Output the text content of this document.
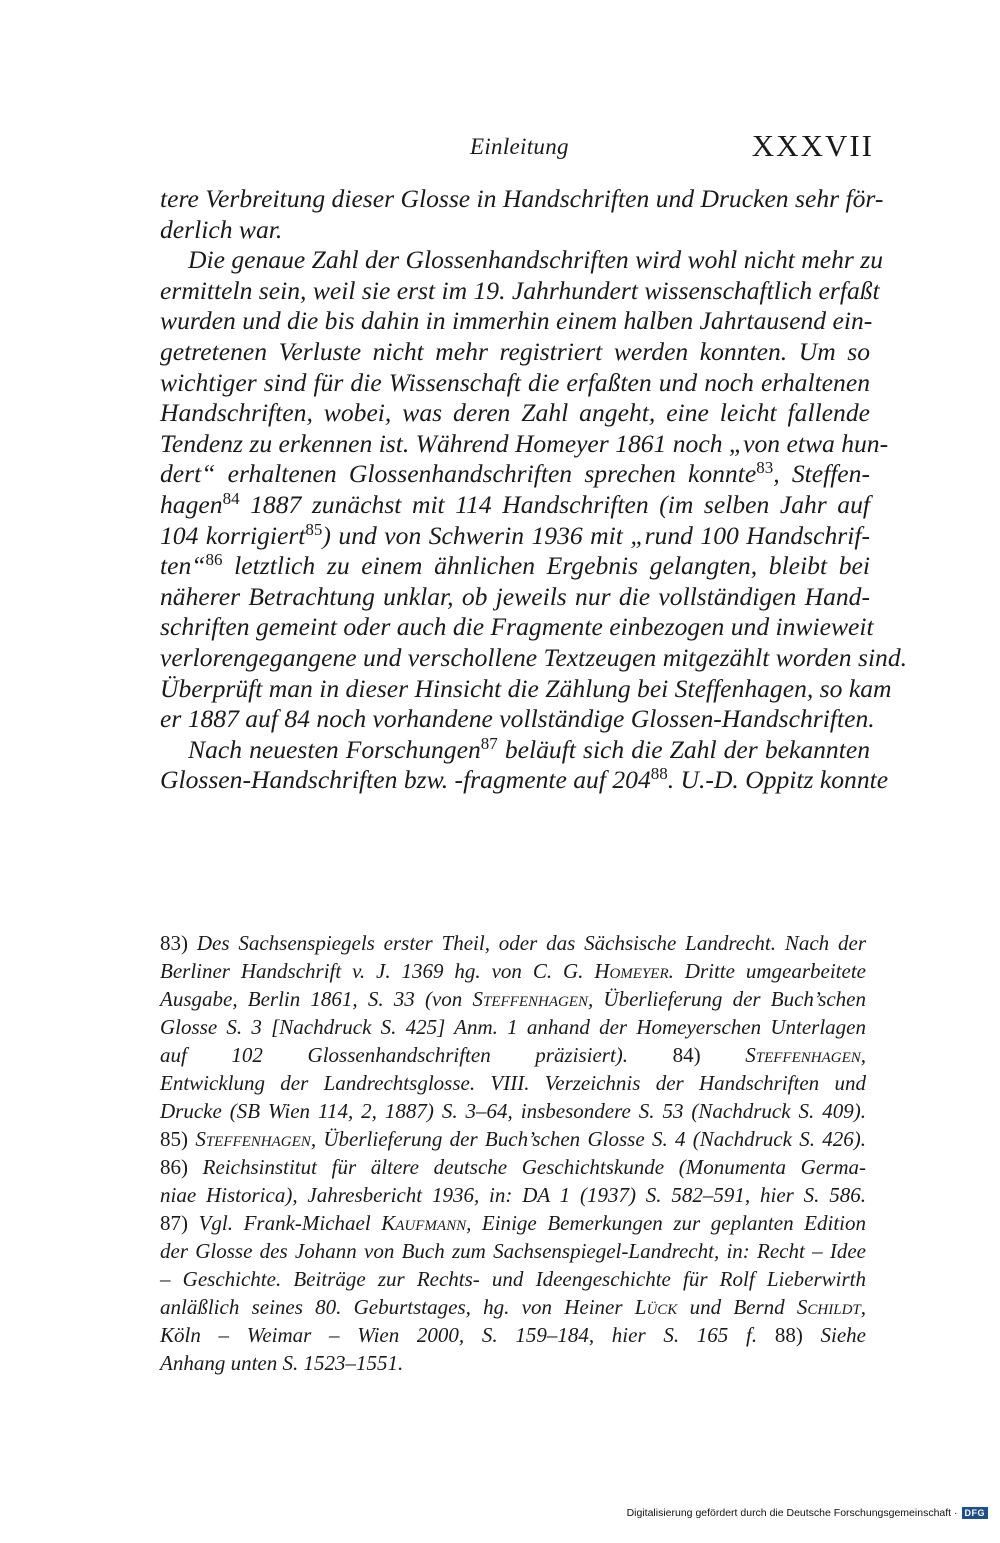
Einleitung	XXXVII
tere Verbreitung dieser Glosse in Handschriften und Drucken sehr för-
derlich war.
Die genaue Zahl der Glossenhandschriften wird wohl nicht mehr zu
ermitteln sein, weil sie erst im 19. Jahrhundert wissenschaftlich erfaßt
wurden und die bis dahin in immerhin einem halben Jahrtausend ein-
getretenen Verluste nicht mehr registriert werden konnten. Um so
wichtiger sind für die Wissenschaft die erfaßten und noch erhaltenen
Handschriften, wobei, was deren Zahl angeht, eine leicht fallende
Tendenz zu erkennen ist. Während Homeyer 1861 noch „von etwa hun-
dert“ erhaltenen Glossenhandschriften sprechen konnte$^{83}$, Steffen-
hagen$^{84}$ 1887 zunächst mit 114 Handschriften (im selben Jahr auf
104 korrigiert$^{85}$) und von Schwerin 1936 mit „rund 100 Handschrif-
ten“$^{86}$ letztlich zu einem ähnlichen Ergebnis gelangten, bleibt bei
näherer Betrachtung unklar, ob jeweils nur die vollständigen Hand-
schriften gemeint oder auch die Fragmente einbezogen und inwieweit
verlorengegangene und verschollene Textzeugen mitgezählt worden sind.
Überprüft man in dieser Hinsicht die Zählung bei Steffenhagen, so kam
er 1887 auf 84 noch vorhandene vollständige Glossen-Handschriften.
Nach neuesten Forschungen$^{87}$ beläuft sich die Zahl der bekannten
Glossen-Handschriften bzw. -fragmente auf $204^{88}$. U.-D. Oppitz konnte
83) Des Sachsenspiegels erster Theil, oder das Sächsische Landrecht. Nach der
Berliner Handschrift v. J. 1369 hg. von C. G. Homeyer. Dritte umgearbeitete
Ausgabe, Berlin 1861, S. 33 (von Steffenhagen, Überlieferung der Buch’schen
Glosse S. 3 [Nachdruck S. 425] Anm. 1 anhand der Homeyerschen Unterlagen
auf 102 Glossenhandschriften präzisiert). 84) Steffenhagen,
Entwicklung der Landrechtsglosse. VIII. Verzeichnis der Handschriften und
Drucke (SB Wien 114, 2, 1887) S. 3–64, insbesondere S. 53 (Nachdruck S. 409).
85) Steffenhagen, Überlieferung der Buch’schen Glosse S. 4 (Nachdruck S. 426).
86) Reichsinstitut für ältere deutsche Geschichtskunde (Monumenta Germa-
niae Historica), Jahresbericht 1936, in: DA 1 (1937) S. 582–591, hier S. 586.
87) Vgl. Frank-Michael Kaufmann, Einige Bemerkungen zur geplanten Edition
der Glosse des Johann von Buch zum Sachsenspiegel-Landrecht, in: Recht – Idee
– Geschichte. Beiträge zur Rechts- und Ideengeschichte für Rolf Lieberwirth
anläßlich seines 80. Geburtstages, hg. von Heiner Lück und Bernd Schildt,
Köln – Weimar – Wien 2000, S. 159–184, hier S. 165 f. 88) Siehe
Anhang unten S. 1523–1551.
Digitalisierung gefördert durch die Deutsche Forschungsgemeinschaft · DFG
